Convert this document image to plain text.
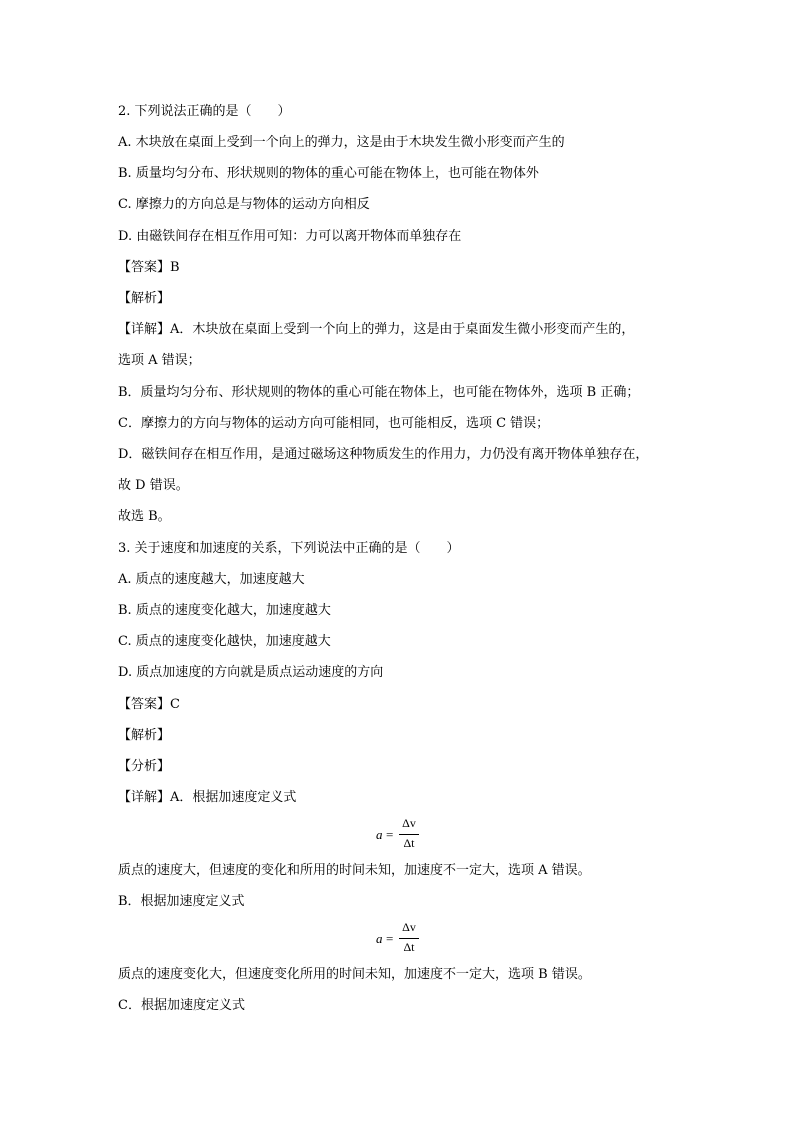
2. 下列说法正确的是（　　）
A. 木块放在桌面上受到一个向上的弹力，这是由于木块发生微小形变而产生的
B. 质量均匀分布、形状规则的物体的重心可能在物体上，也可能在物体外
C. 摩擦力的方向总是与物体的运动方向相反
D. 由磁铁间存在相互作用可知：力可以离开物体而单独存在
【答案】B
【解析】
【详解】A．木块放在桌面上受到一个向上的弹力，这是由于桌面发生微小形变而产生的，
选项 A 错误；
B．质量均匀分布、形状规则的物体的重心可能在物体上，也可能在物体外，选项 B 正确；
C．摩擦力的方向与物体的运动方向可能相同，也可能相反，选项 C 错误；
D．磁铁间存在相互作用，是通过磁场这种物质发生的作用力，力仍没有离开物体单独存在，
故 D 错误。
故选 B。
3. 关于速度和加速度的关系，下列说法中正确的是（　　）
A. 质点的速度越大，加速度越大
B. 质点的速度变化越大，加速度越大
C. 质点的速度变化越快，加速度越大
D. 质点加速度的方向就是质点运动速度的方向
【答案】C
【解析】
【分析】
【详解】A．根据加速度定义式
a =
Δv
Δt
质点的速度大，但速度的变化和所用的时间未知，加速度不一定大，选项 A 错误。
B．根据加速度定义式
a =
Δv
Δt
质点的速度变化大，但速度变化所用的时间未知，加速度不一定大，选项 B 错误。
C．根据加速度定义式
